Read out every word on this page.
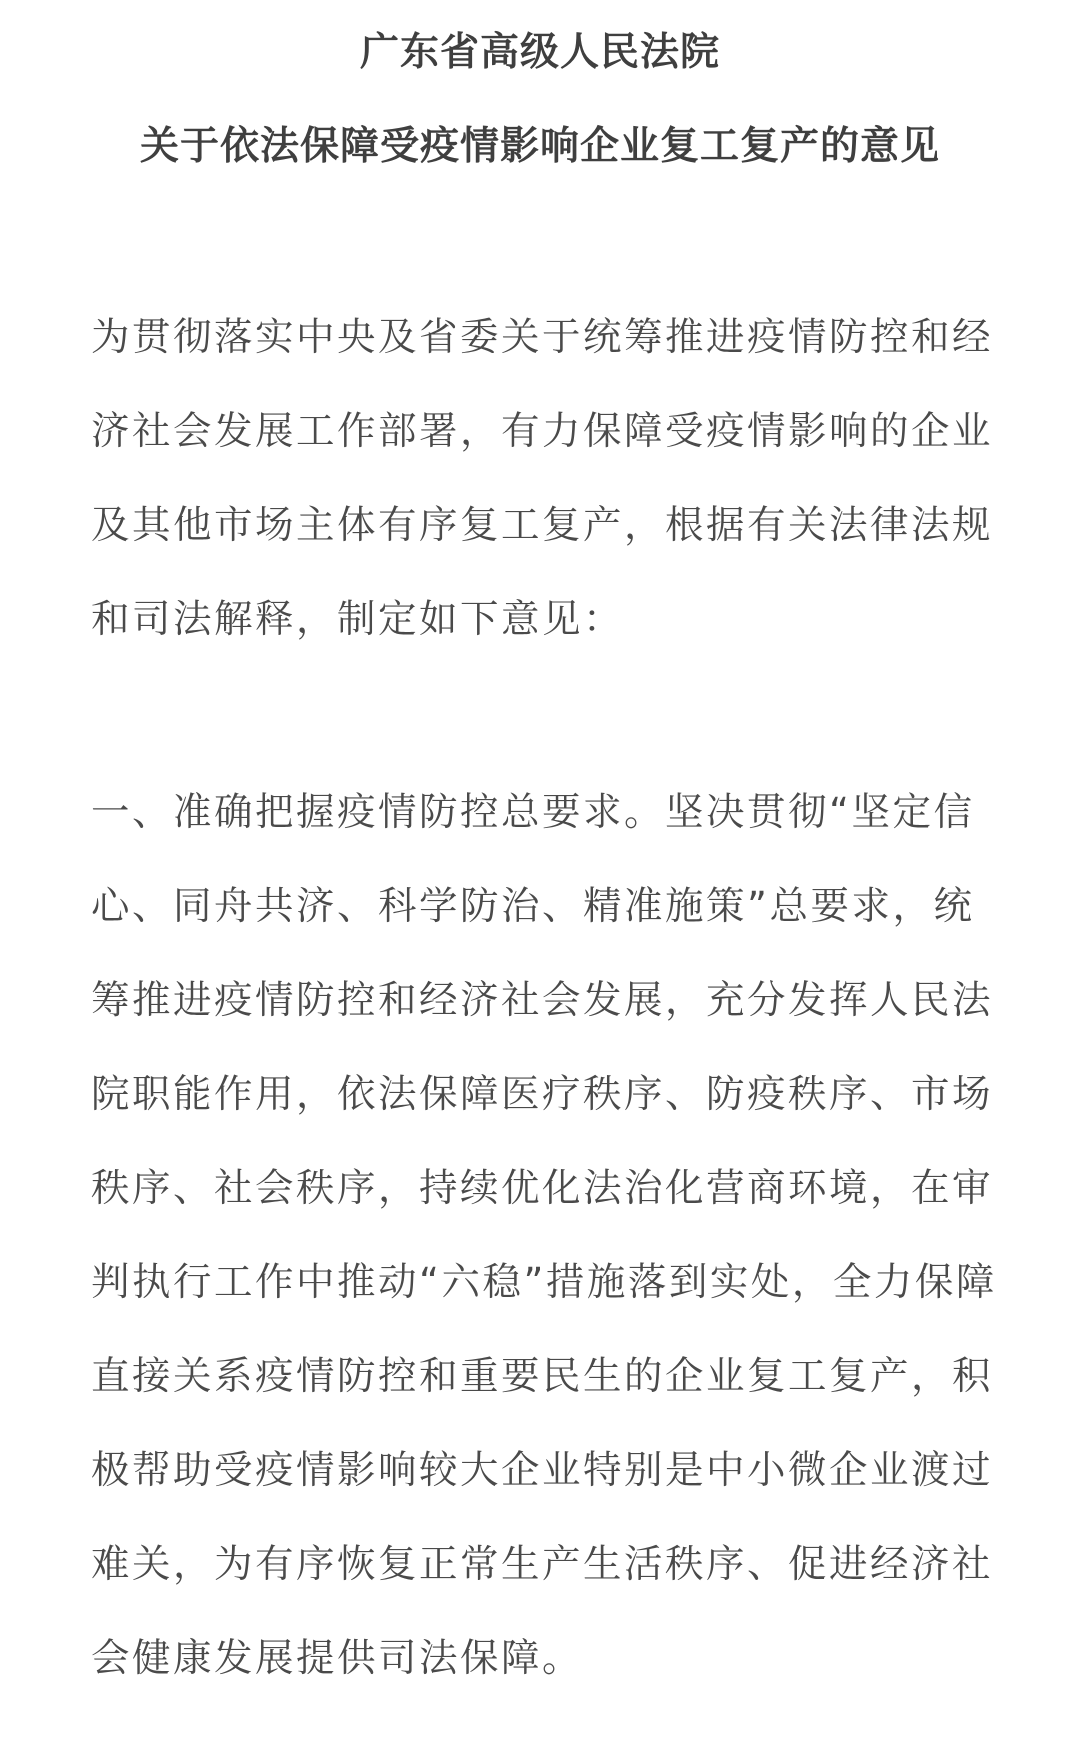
广东省高级人民法院
关于依法保障受疫情影响企业复工复产的意见
为贯彻落实中央及省委关于统筹推进疫情防控和经
济社会发展工作部署，有力保障受疫情影响的企业
及其他市场主体有序复工复产，根据有关法律法规
和司法解释，制定如下意见：
一、准确把握疫情防控总要求。坚决贯彻“坚定信
心、同舟共济、科学防治、精准施策”总要求，统
筹推进疫情防控和经济社会发展，充分发挥人民法
院职能作用，依法保障医疗秩序、防疫秩序、市场
秩序、社会秩序，持续优化法治化营商环境，在审
判执行工作中推动“六稳”措施落到实处，全力保障
直接关系疫情防控和重要民生的企业复工复产，积
极帮助受疫情影响较大企业特别是中小微企业渡过
难关，为有序恢复正常生产生活秩序、促进经济社
会健康发展提供司法保障。
